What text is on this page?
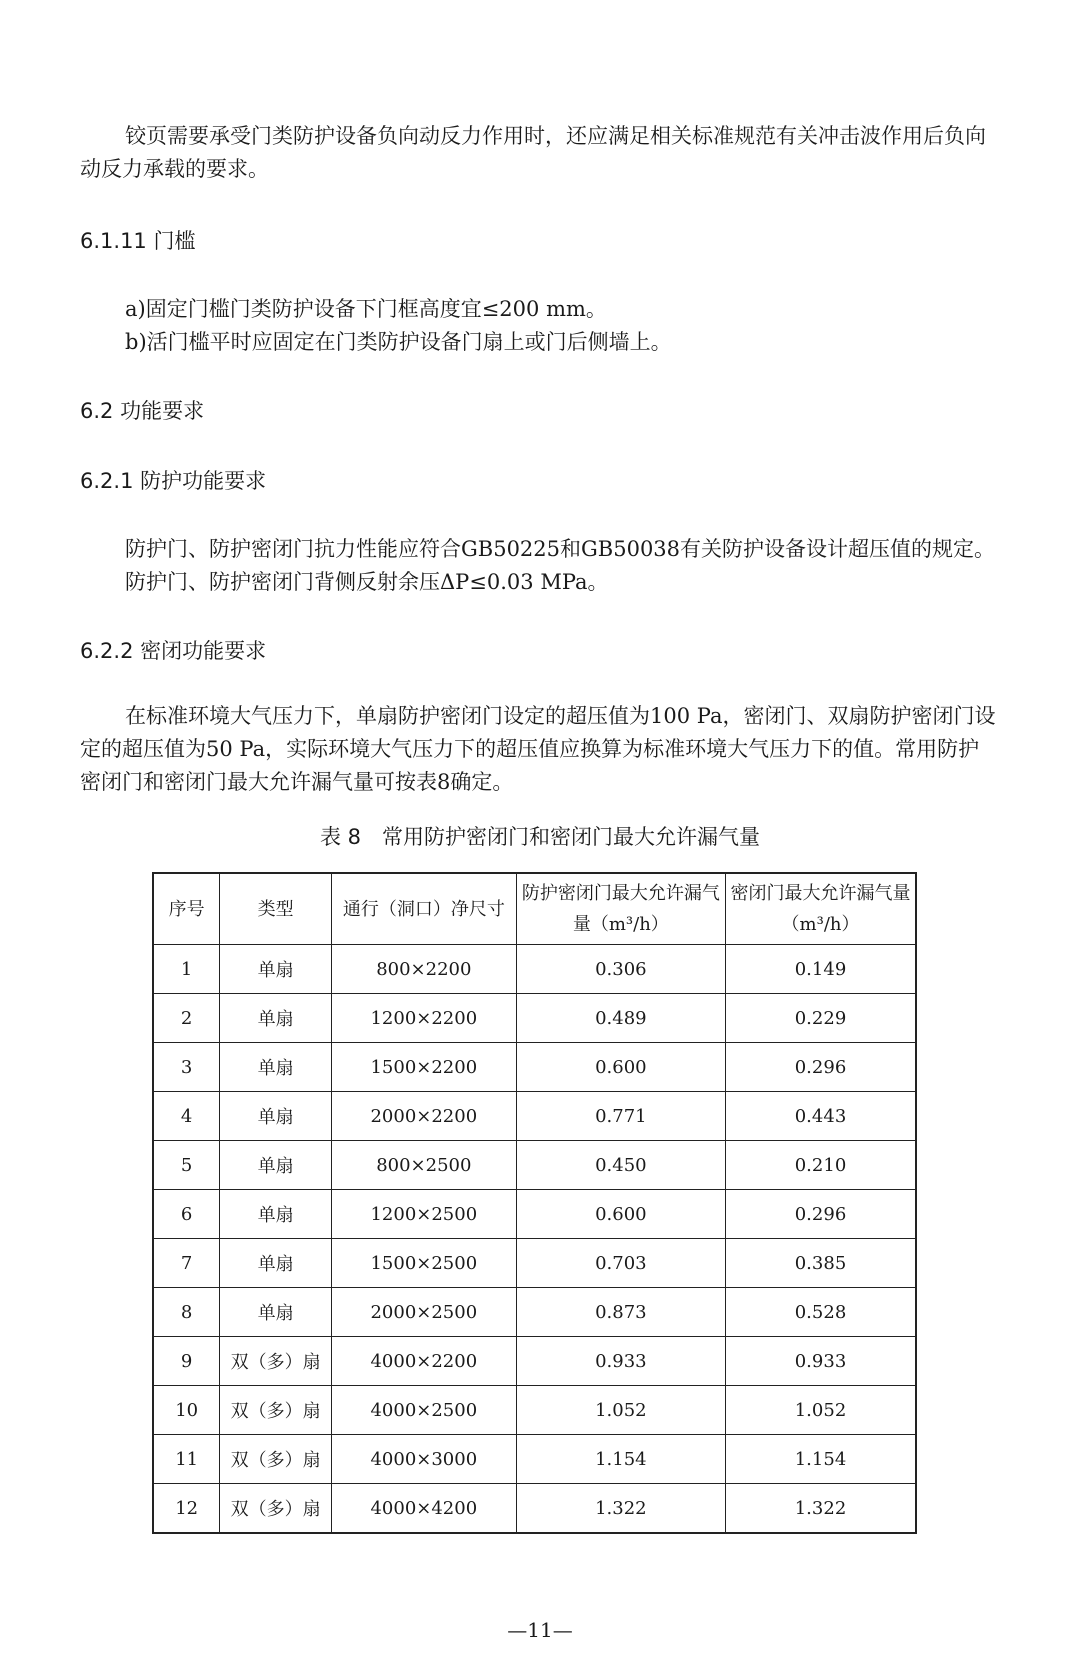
铰页需要承受门类防护设备负向动反力作用时，还应满足相关标准规范有关冲击波作用后负向动反力承载的要求。

6.1.11 门槛

a)固定门槛门类防护设备下门框高度宜≤200 mm。

b)活门槛平时应固定在门类防护设备门扇上或门后侧墙上。

6.2 功能要求

6.2.1 防护功能要求

防护门、防护密闭门抗力性能应符合GB50225和GB50038有关防护设备设计超压值的规定。

防护门、防护密闭门背侧反射余压ΔP≤0.03 MPa。

6.2.2 密闭功能要求

在标准环境大气压力下，单扇防护密闭门设定的超压值为100 Pa，密闭门、双扇防护密闭门设定的超压值为50 Pa，实际环境大气压力下的超压值应换算为标准环境大气压力下的值。常用防护密闭门和密闭门最大允许漏气量可按表8确定。

表 8　常用防护密闭门和密闭门最大允许漏气量
序号	类型	通行（洞口）净尺寸	防护密闭门最大允许漏气量（m³/h）	密闭门最大允许漏气量（m³/h）
1	单扇	800×2200	0.306	0.149
2	单扇	1200×2200	0.489	0.229
3	单扇	1500×2200	0.600	0.296
4	单扇	2000×2200	0.771	0.443
5	单扇	800×2500	0.450	0.210
6	单扇	1200×2500	0.600	0.296
7	单扇	1500×2500	0.703	0.385
8	单扇	2000×2500	0.873	0.528
9	双（多）扇	4000×2200	0.933	0.933
10	双（多）扇	4000×2500	1.052	1.052
11	双（多）扇	4000×3000	1.154	1.154
12	双（多）扇	4000×4200	1.322	1.322
—11—
